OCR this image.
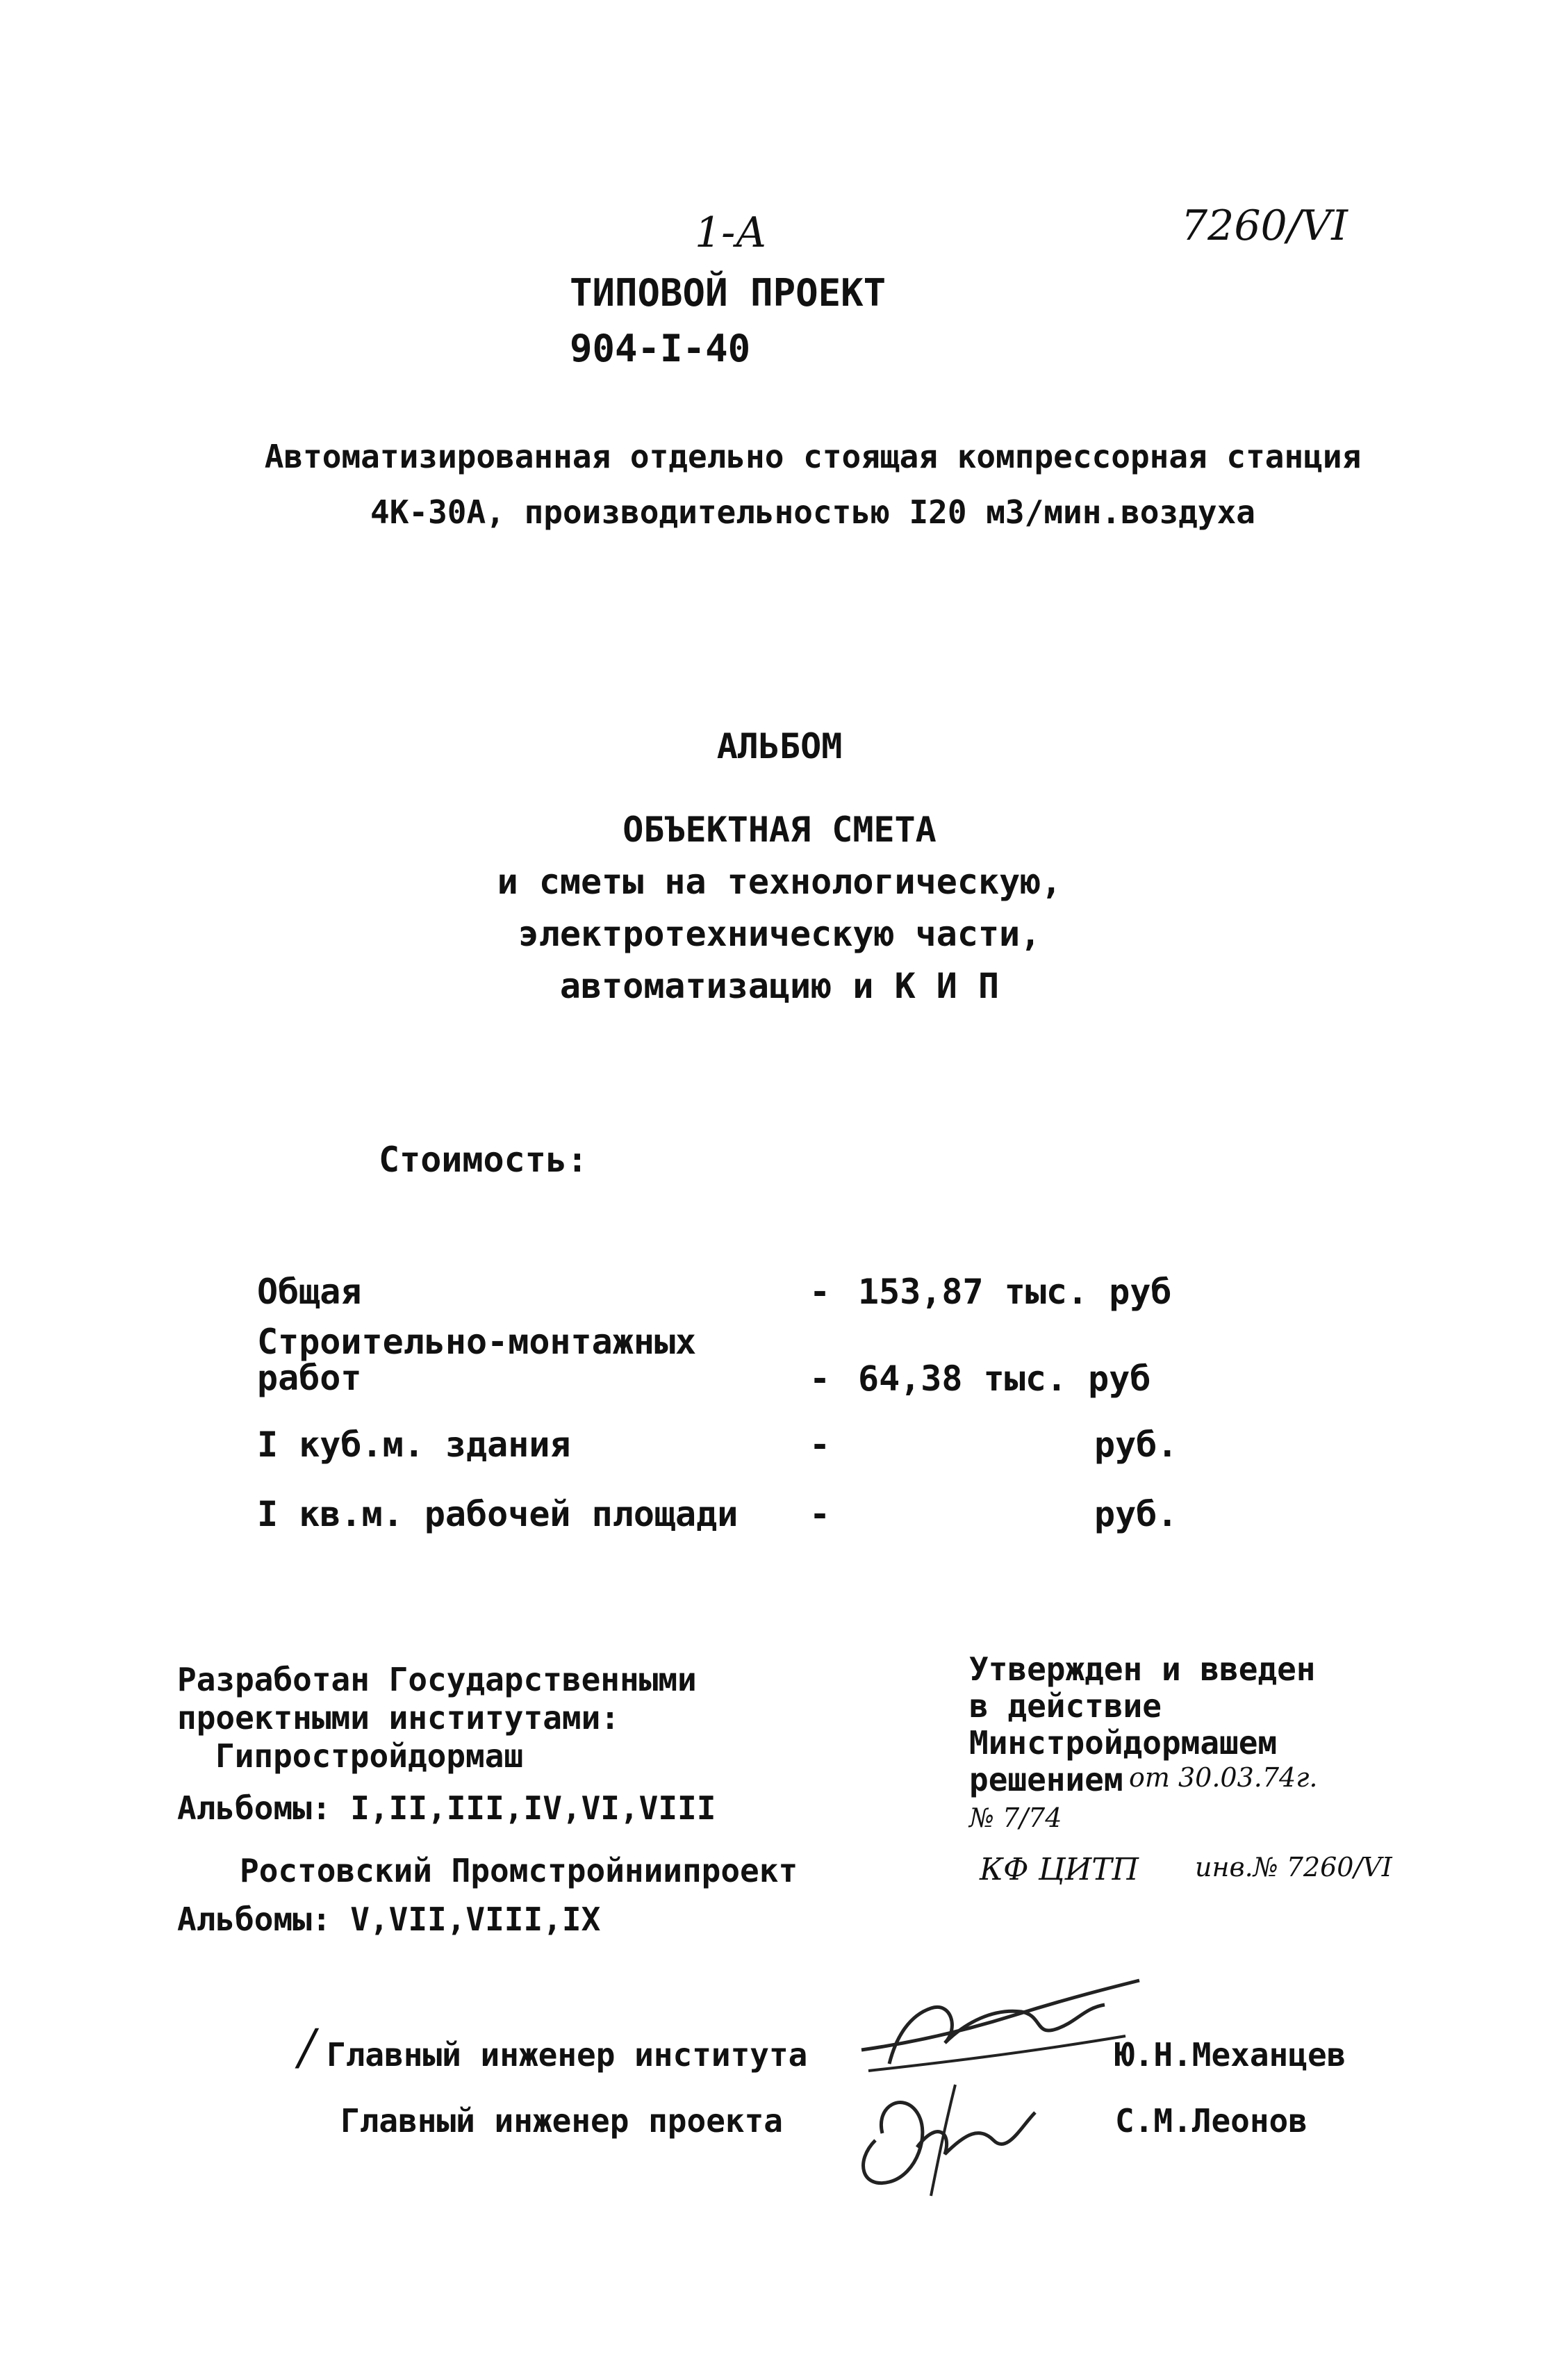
1-А	7260/VI
ТИПОВОЙ ПРОЕКТ
904-I-40
Автоматизированная отдельно стоящая компрессорная станция
4К-30А, производительностью I20 м3/мин.воздуха
АЛЬБОМ
ОБЪЕКТНАЯ СМЕТА
и сметы на технологическую,
электротехническую части,
автоматизацию и К И П
Стоимость:
Общая	- 153,87 тыс. руб
Строительно-монтажных работ	- 64,38 тыс. руб
I куб.м. здания	-	руб.
I кв.м. рабочей площади -	руб.
Разработан Государственными
проектными институтами:
Гипростройдормаш
Альбомы: I,II,III,IV,VI,VIII
Ростовский Промстройниипроект
Альбомы: V,VII,VIII,IX
Утвержден и введен
в действие
Минстройдормашем
решением от 30.03.74г.
№ 7/74
КФ ЦИТП инв.№ 7260/VI
/ Главный инженер института	Ю.Н.Механцев
Главный инженер проекта	С.М.Леонов
